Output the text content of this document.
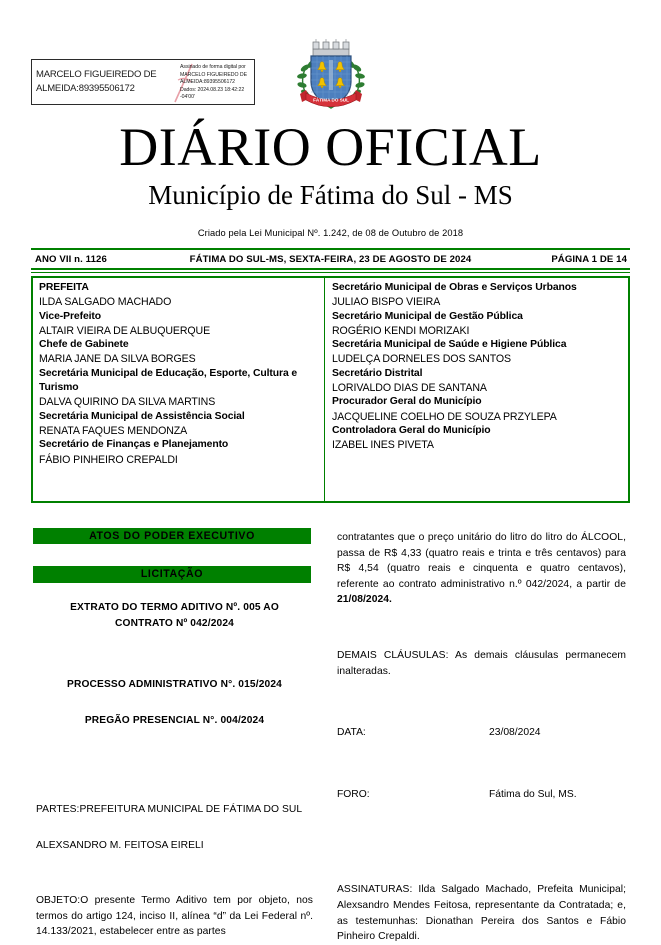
MARCELO FIGUEIREDO DE
ALMEIDA:89395506172
Assinado de forma digital por
MARCELO FIGUEIREDO DE
ALMEIDA:89395506172
Dados: 2024.08.23 18:42:22 -04'00'	FÁTIMA DO SUL
DIÁRIO OFICIAL
Município de Fátima do Sul - MS
Criado pela Lei Municipal Nº. 1.242, de 08 de Outubro de 2018
ANO VII n. 1126	FÁTIMA DO SUL-MS, SEXTA-FEIRA, 23 DE AGOSTO DE 2024	PÁGINA 1 DE 14
PREFEITA
ILDA SALGADO MACHADO
Vice-Prefeito
ALTAIR VIEIRA DE ALBUQUERQUE
Chefe de Gabinete
MARIA JANE DA SILVA BORGES
Secretária Municipal de Educação, Esporte, Cultura e Turismo
DALVA QUIRINO DA SILVA MARTINS
Secretária Municipal de Assistência Social
RENATA FAQUES MENDONZA
Secretário de Finanças e Planejamento
FÁBIO PINHEIRO CREPALDI
Secretário Municipal de Obras e Serviços Urbanos
JULIAO BISPO VIEIRA
Secretário Municipal de Gestão Pública
ROGÉRIO KENDI MORIZAKI
Secretária Municipal de Saúde e Higiene Pública
LUDELÇA DORNELES DOS SANTOS
Secretário Distrital
LORIVALDO DIAS DE SANTANA
Procurador Geral do Município
JACQUELINE COELHO DE SOUZA PRZYLEPA
Controladora Geral do Município
IZABEL INES PIVETA
ATOS DO PODER EXECUTIVO
LICITAÇÃO
EXTRATO DO TERMO ADITIVO Nº. 005 AO
CONTRATO Nº 042/2024
PROCESSO ADMINISTRATIVO N°. 015/2024
PREGÃO PRESENCIAL N°. 004/2024
PARTES:PREFEITURA MUNICIPAL DE FÁTIMA DO SUL
ALEXSANDRO M. FEITOSA EIRELI
OBJETO:O presente Termo Aditivo tem por objeto, nos termos do artigo 124, inciso II, alínea “d” da Lei Federal nº. 14.133/2021, estabelecer entre as partes
contratantes que o preço unitário do litro do litro do ÁLCOOL, passa de R$ 4,33 (quatro reais e trinta e três centavos) para R$ 4,54 (quatro reais e cinquenta e quatro centavos), referente ao contrato administrativo n.º 042/2024, a partir de 21/08/2024.
DEMAIS CLÁUSULAS: As demais cláusulas permanecem inalteradas.
DATA:	23/08/2024
FORO:	Fátima do Sul, MS.
ASSINATURAS: Ilda Salgado Machado, Prefeita Municipal; Alexsandro Mendes Feitosa, representante da Contratada; e, as testemunhas: Dionathan Pereira dos Santos e Fábio Pinheiro Crepaldi.
